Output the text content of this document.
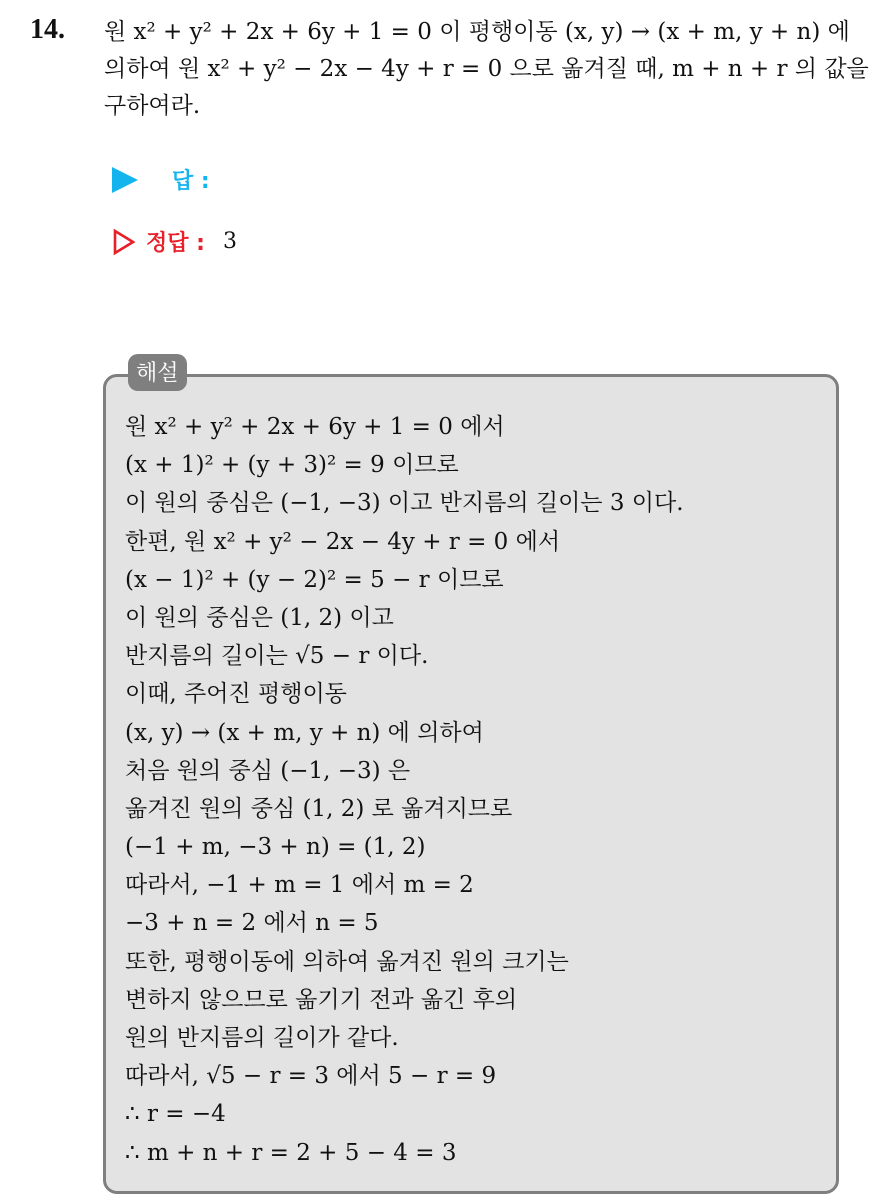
14. 원 x² + y² + 2x + 6y + 1 = 0 이 평행이동 (x, y) → (x + m, y + n) 에
의하여 원 x² + y² − 2x − 4y + r = 0 으로 옮겨질 때, m + n + r 의 값을
구하여라.
답 :
정답 : 3
해설
원 x² + y² + 2x + 6y + 1 = 0 에서
(x + 1)² + (y + 3)² = 9 이므로
이 원의 중심은 (−1, −3) 이고 반지름의 길이는 3 이다.
한편, 원 x² + y² − 2x − 4y + r = 0 에서
(x − 1)² + (y − 2)² = 5 − r 이므로
이 원의 중심은 (1, 2) 이고
반지름의 길이는 √5 − r 이다.
이때, 주어진 평행이동
(x, y) → (x + m, y + n) 에 의하여
처음 원의 중심 (−1, −3) 은
옮겨진 원의 중심 (1, 2) 로 옮겨지므로
(−1 + m, −3 + n) = (1, 2)
따라서, −1 + m = 1 에서 m = 2
−3 + n = 2 에서 n = 5
또한, 평행이동에 의하여 옮겨진 원의 크기는
변하지 않으므로 옮기기 전과 옮긴 후의
원의 반지름의 길이가 같다.
따라서, √5 − r = 3 에서 5 − r = 9
∴ r = −4
∴ m + n + r = 2 + 5 − 4 = 3
